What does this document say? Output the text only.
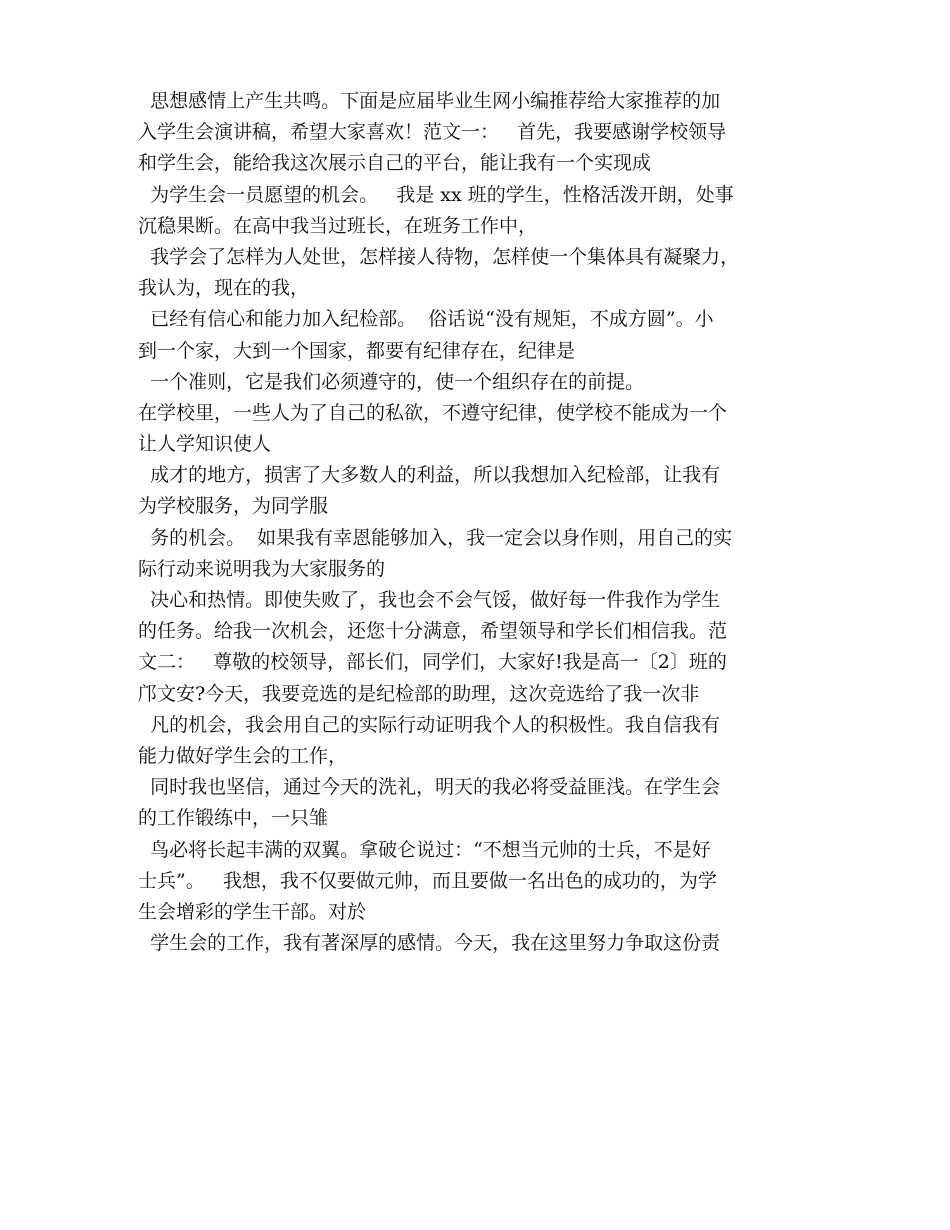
思想感情上产生共鸣。下面是应届毕业生网小编推荐给大家推荐的加
入学生会演讲稿，希望大家喜欢！范文一：   首先，我要感谢学校领导
和学生会，能给我这次展示自己的平台，能让我有一个实现成
为学生会一员愿望的机会。   我是 xx 班的学生，性格活泼开朗，处事
沉稳果断。在高中我当过班长，在班务工作中，
我学会了怎样为人处世，怎样接人待物，怎样使一个集体具有凝聚力，
我认为，现在的我，
已经有信心和能力加入纪检部。  俗话说“没有规矩，不成方圆”。小
到一个家，大到一个国家，都要有纪律存在，纪律是
一个准则，它是我们必须遵守的，使一个组织存在的前提。
在学校里，一些人为了自己的私欲，不遵守纪律，使学校不能成为一个
让人学知识使人
成才的地方，损害了大多数人的利益，所以我想加入纪检部，让我有
为学校服务，为同学服
务的机会。  如果我有幸恩能够加入，我一定会以身作则，用自己的实
际行动来说明我为大家服务的
决心和热情。即使失败了，我也会不会气馁，做好每一件我作为学生
的任务。给我一次机会，还您十分满意，希望领导和学长们相信我。范
文二：   尊敬的校领导，部长们，同学们，大家好!我是高一〔2〕班的
邝文安?今天，我要竞选的是纪检部的助理，这次竞选给了我一次非
凡的机会，我会用自己的实际行动证明我个人的积极性。我自信我有
能力做好学生会的工作，
同时我也坚信，通过今天的洗礼，明天的我必将受益匪浅。在学生会
的工作锻练中，一只雏
鸟必将长起丰满的双翼。拿破仑说过：“不想当元帅的士兵，不是好
士兵”。   我想，我不仅要做元帅，而且要做一名出色的成功的，为学
生会增彩的学生干部。对於
学生会的工作，我有著深厚的感情。今天，我在这里努力争取这份责
